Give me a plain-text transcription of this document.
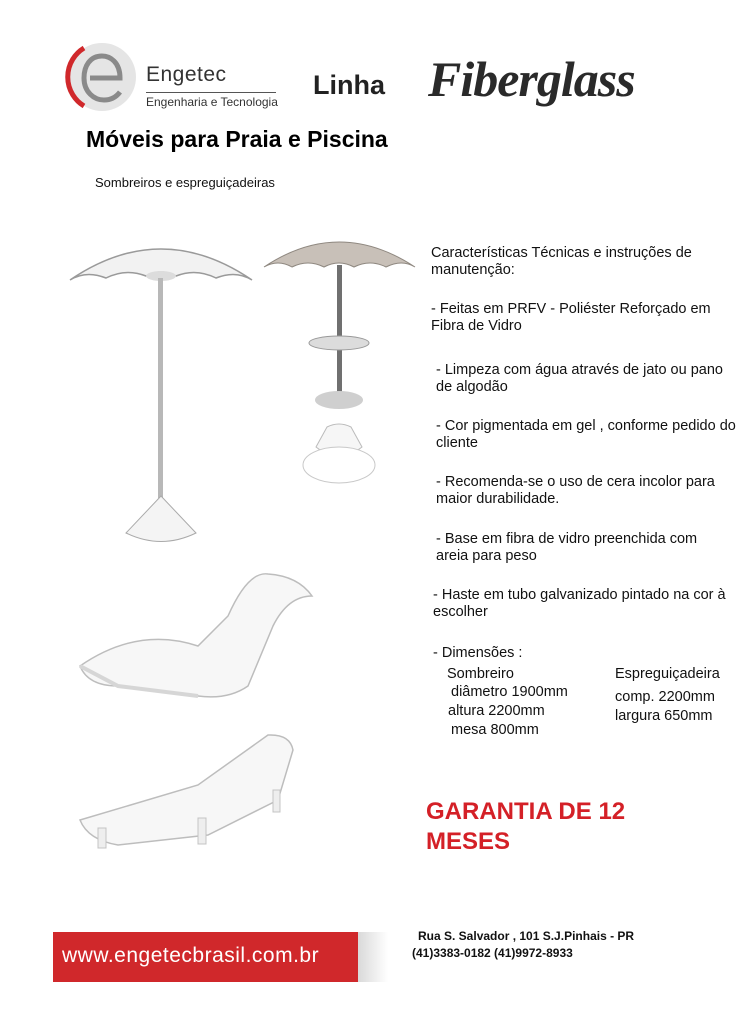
Engetec
Engenharia e Tecnologia
Linha Fiberglass
Móveis para Praia e Piscina
Sombreiros e espreguiçadeiras
Características Técnicas e instruções de manutenção:
- Feitas em PRFV - Poliéster Reforçado em Fibra de Vidro
- Limpeza com água através de jato ou pano de algodão
- Cor pigmentada em gel , conforme pedido do cliente
- Recomenda-se o uso de cera incolor para maior durabilidade.
- Base em fibra de vidro preenchida com areia para peso
- Haste em tubo galvanizado pintado na cor à escolher
- Dimensões :
Sombreiro
diâmetro 1900mm
altura 2200mm
mesa 800mm
Espreguiçadeira
comp. 2200mm
largura 650mm
GARANTIA DE 12 MESES
www.engetecbrasil.com.br
Rua S. Salvador , 101 S.J.Pinhais - PR
(41)3383-0182 (41)9972-8933
